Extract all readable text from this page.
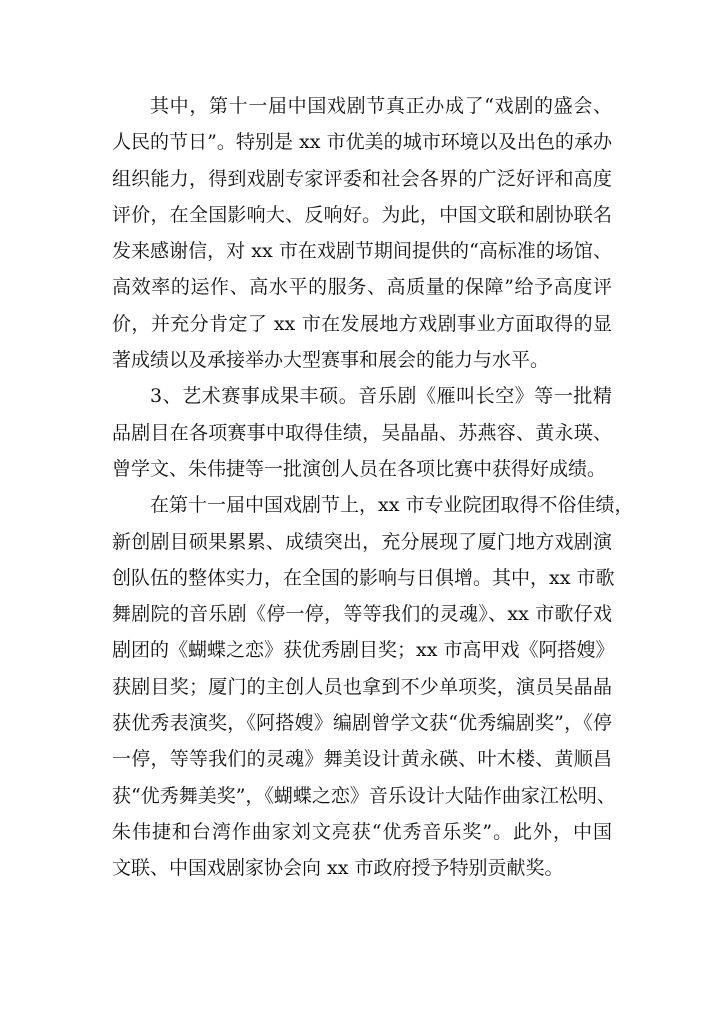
其中，第十一届中国戏剧节真正办成了“戏剧的盛会、
人民的节日”。特别是 xx 市优美的城市环境以及出色的承办
组织能力，得到戏剧专家评委和社会各界的广泛好评和高度
评价，在全国影响大、反响好。为此，中国文联和剧协联名
发来感谢信，对 xx 市在戏剧节期间提供的“高标准的场馆、
高效率的运作、高水平的服务、高质量的保障”给予高度评
价，并充分肯定了 xx 市在发展地方戏剧事业方面取得的显
著成绩以及承接举办大型赛事和展会的能力与水平。
3、艺术赛事成果丰硕。音乐剧《雁叫长空》等一批精
品剧目在各项赛事中取得佳绩，吴晶晶、苏燕容、黄永瑛、
曾学文、朱伟捷等一批演创人员在各项比赛中获得好成绩。
在第十一届中国戏剧节上，xx 市专业院团取得不俗佳绩，
新创剧目硕果累累、成绩突出，充分展现了厦门地方戏剧演
创队伍的整体实力，在全国的影响与日俱增。其中，xx 市歌
舞剧院的音乐剧《停一停，等等我们的灵魂》、xx 市歌仔戏
剧团的《蝴蝶之恋》获优秀剧目奖；xx 市高甲戏《阿搭嫂》
获剧目奖；厦门的主创人员也拿到不少单项奖，演员吴晶晶
获优秀表演奖，《阿搭嫂》编剧曾学文获“优秀编剧奖”，《停
一停，等等我们的灵魂》舞美设计黄永碤、叶木楼、黄顺昌
获“优秀舞美奖”，《蝴蝶之恋》音乐设计大陆作曲家江松明、
朱伟捷和台湾作曲家刘文亮获“优秀音乐奖”。此外，中国
文联、中国戏剧家协会向 xx 市政府授予特别贡献奖。
